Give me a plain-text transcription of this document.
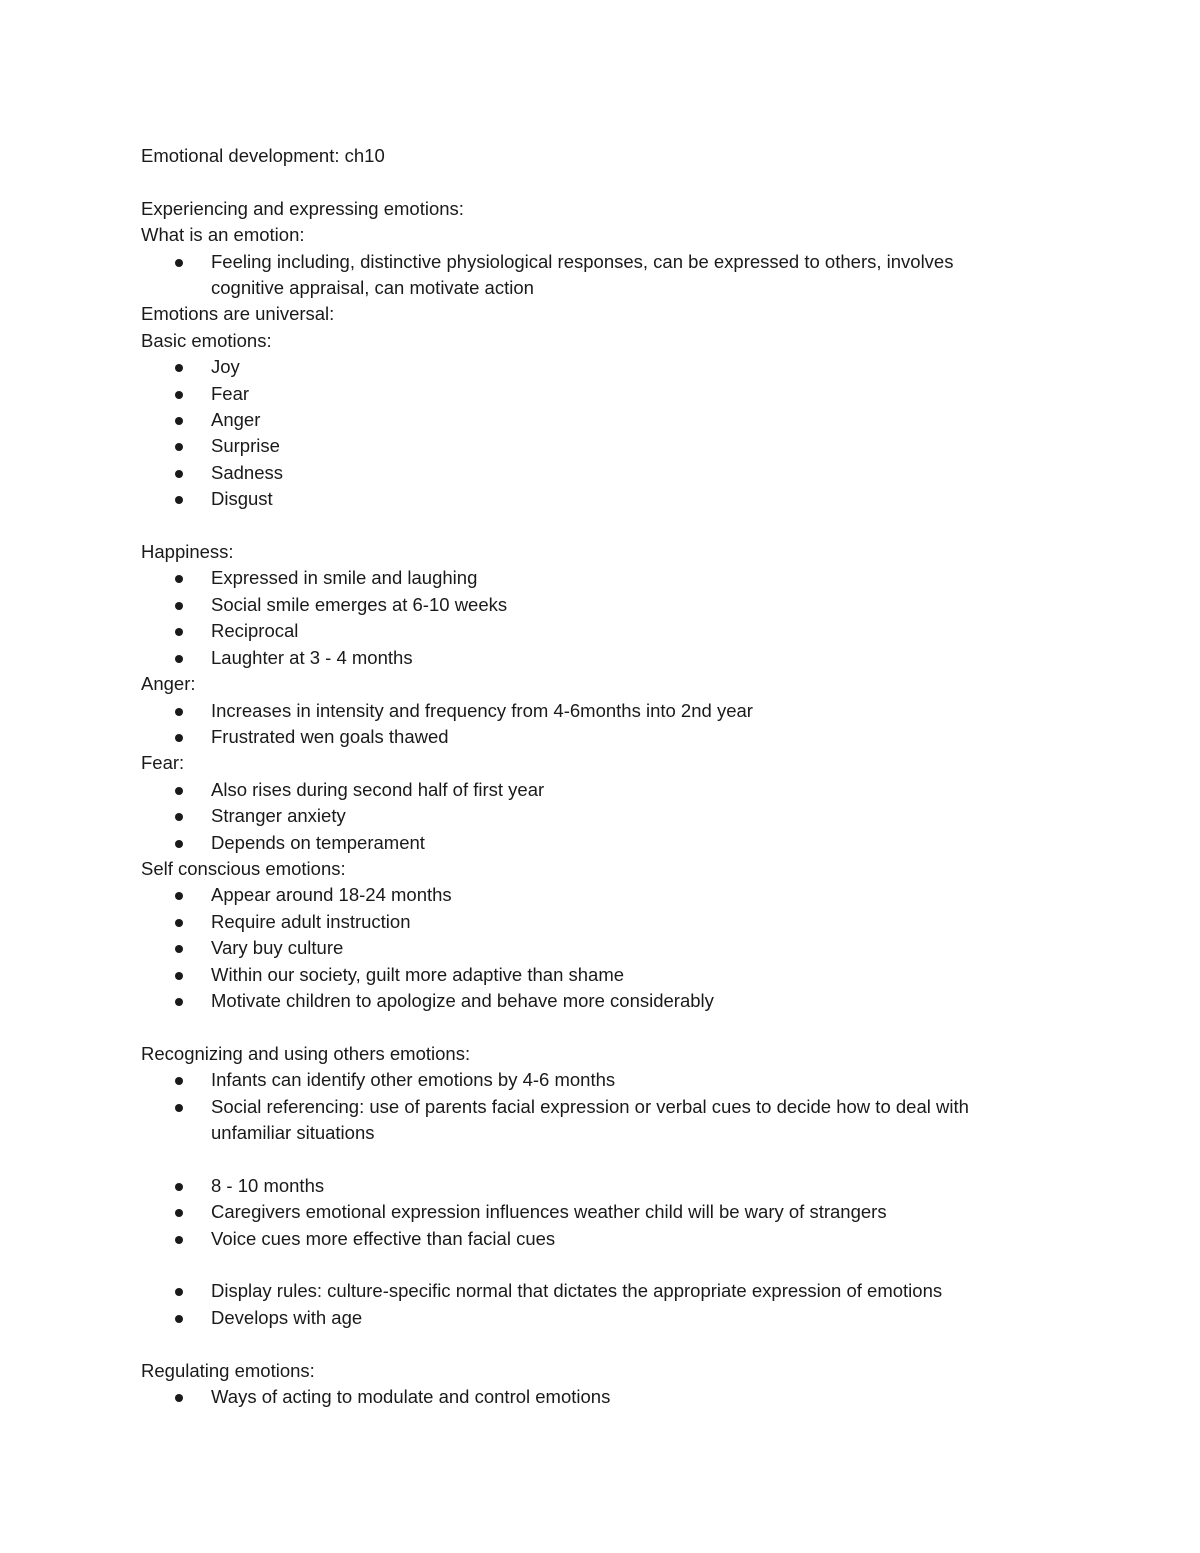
Emotional development: ch10
Experiencing and expressing emotions:
What is an emotion:
Feeling including, distinctive physiological responses, can be expressed to others, involves cognitive appraisal, can motivate action
Emotions are universal:
Basic emotions:
Joy
Fear
Anger
Surprise
Sadness
Disgust
Happiness:
Expressed in smile and laughing
Social smile emerges at 6-10 weeks
Reciprocal
Laughter at 3 - 4 months
Anger:
Increases in intensity and frequency from 4-6months into 2nd year
Frustrated wen goals thawed
Fear:
Also rises during second half of first year
Stranger anxiety
Depends on temperament
Self conscious emotions:
Appear around 18-24 months
Require adult instruction
Vary buy culture
Within our society, guilt more adaptive than shame
Motivate children to apologize and behave more considerably
Recognizing and using others emotions:
Infants can identify other emotions by 4-6 months
Social referencing: use of parents facial expression or verbal cues to decide how to deal with unfamiliar situations
8 - 10 months
Caregivers emotional expression influences weather child will be wary of strangers
Voice cues more effective than facial cues
Display rules: culture-specific normal that dictates the appropriate expression of emotions
Develops with age
Regulating emotions:
Ways of acting to modulate and control emotions
